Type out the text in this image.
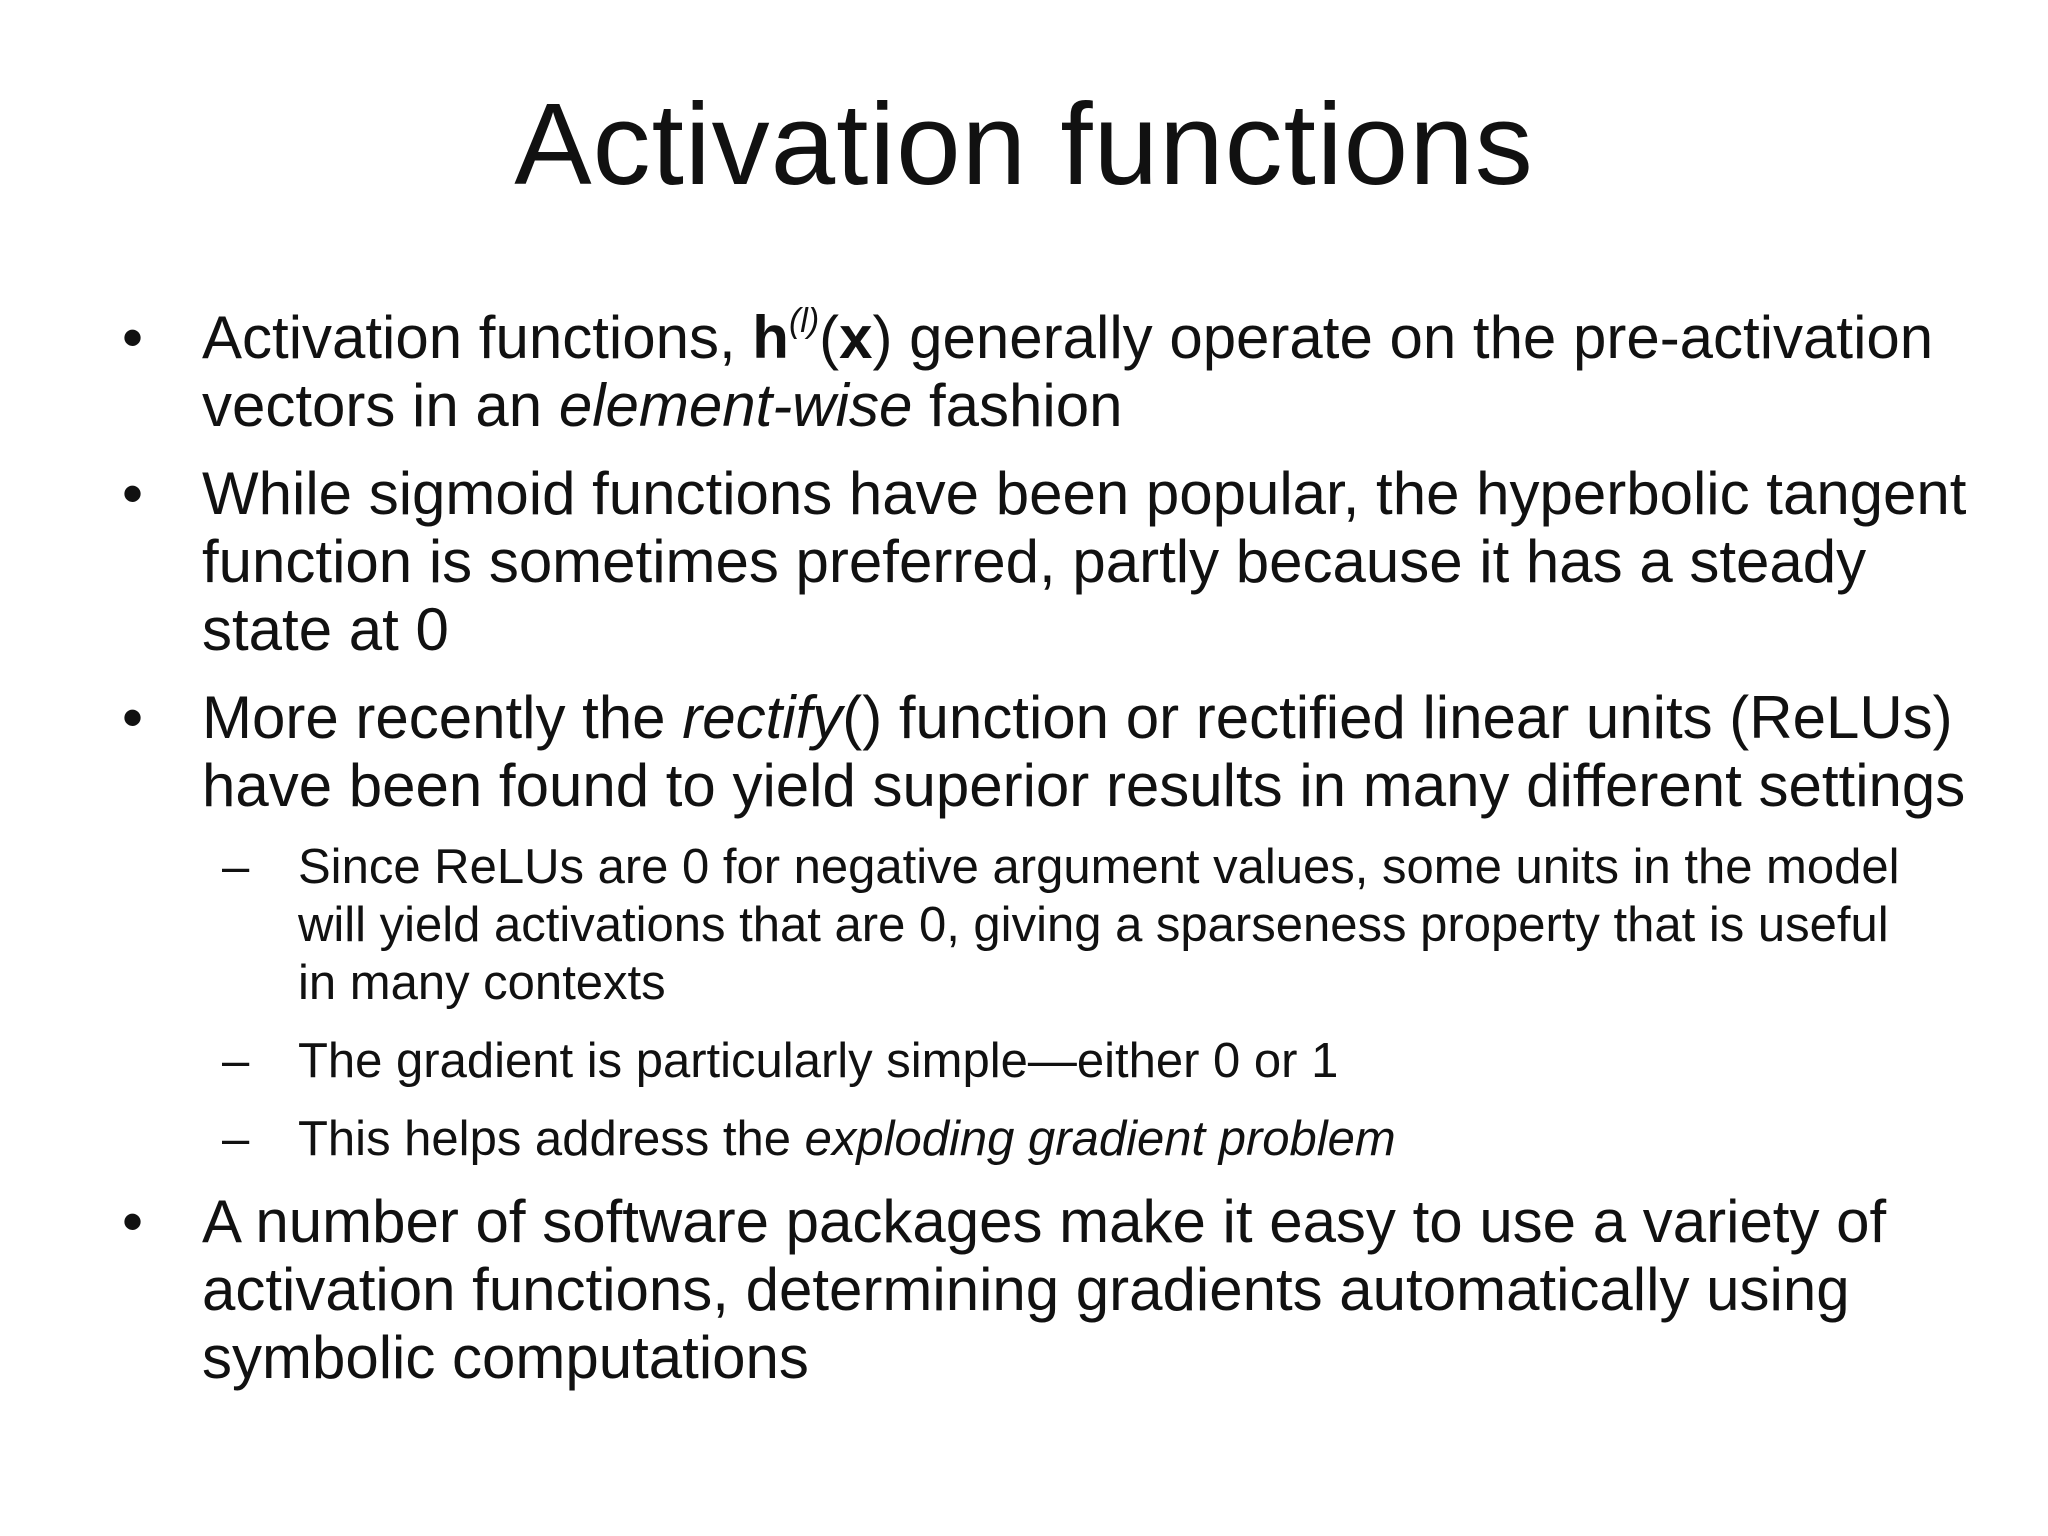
Activation functions
• Activation functions, $h^{(l)}(x)$ generally operate on the pre-activation vectors in an element-wise fashion
• While sigmoid functions have been popular, the hyperbolic tangent function is sometimes preferred, partly because it has a steady state at 0
• More recently the rectify() function or rectified linear units (ReLUs) have been found to yield superior results in many different settings
– Since ReLUs are 0 for negative argument values, some units in the model will yield activations that are 0, giving a sparseness property that is useful in many contexts
– The gradient is particularly simple—either 0 or 1
– This helps address the exploding gradient problem
• A number of software packages make it easy to use a variety of activation functions, determining gradients automatically using symbolic computations
